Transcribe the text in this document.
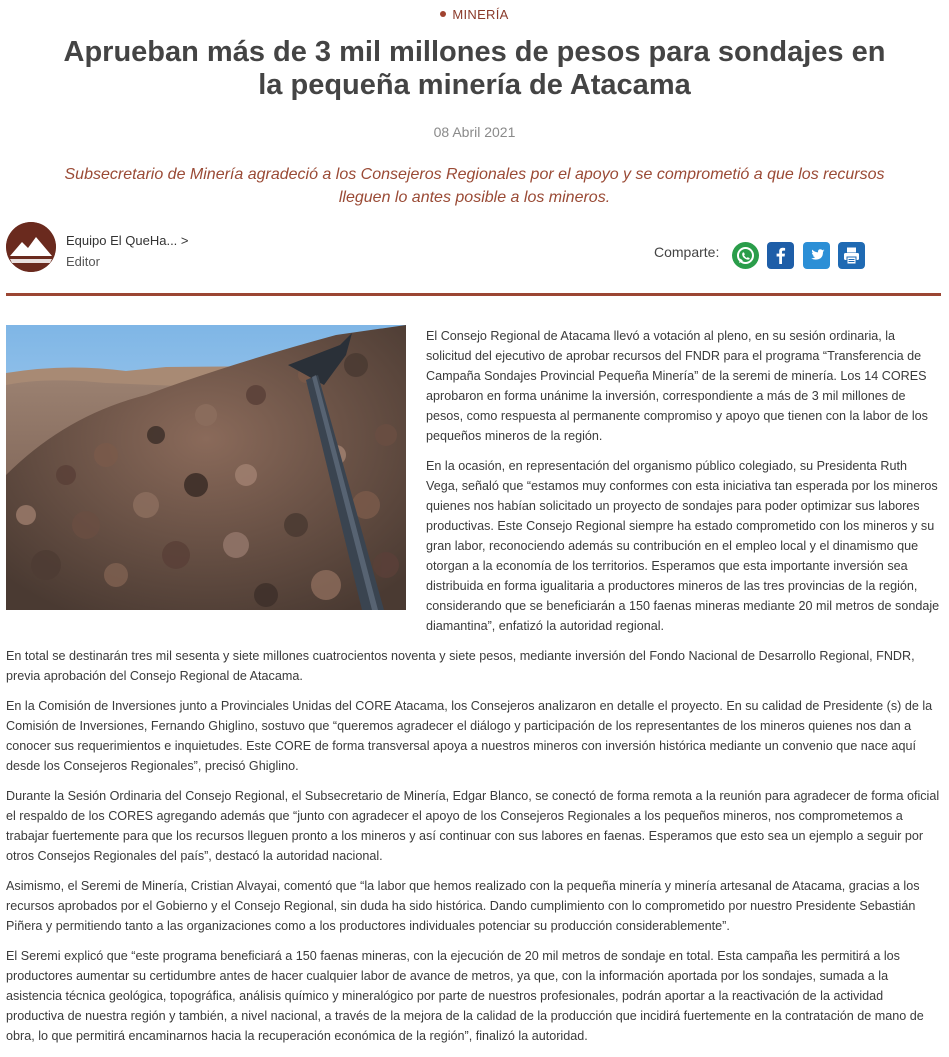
MINERÍA
Aprueban más de 3 mil millones de pesos para sondajes en la pequeña minería de Atacama
08 Abril 2021
Subsecretario de Minería agradeció a los Consejeros Regionales por el apoyo y se comprometió a que los recursos lleguen lo antes posible a los mineros.
Equipo El QueHa... >
Editor
Comparte:

El Consejo Regional de Atacama llevó a votación al pleno, en su sesión ordinaria, la solicitud del ejecutivo de aprobar recursos del FNDR para el programa “Transferencia de Campaña Sondajes Provincial Pequeña Minería” de la seremi de minería. Los 14 CORES aprobaron en forma unánime la inversión, correspondiente a más de 3 mil millones de pesos, como respuesta al permanente compromiso y apoyo que tienen con la labor de los pequeños mineros de la región.

En la ocasión, en representación del organismo público colegiado, su Presidenta Ruth Vega, señaló que “estamos muy conformes con esta iniciativa tan esperada por los mineros quienes nos habían solicitado un proyecto de sondajes para poder optimizar sus labores productivas. Este Consejo Regional siempre ha estado comprometido con los mineros y su gran labor, reconociendo además su contribución en el empleo local y el dinamismo que otorgan a la economía de los territorios. Esperamos que esta importante inversión sea distribuida en forma igualitaria a productores mineros de las tres provincias de la región, considerando que se beneficiarán a 150 faenas mineras mediante 20 mil metros de sondaje diamantina”, enfatizó la autoridad regional.

En total se destinarán tres mil sesenta y siete millones cuatrocientos noventa y siete pesos, mediante inversión del Fondo Nacional de Desarrollo Regional, FNDR, previa aprobación del Consejo Regional de Atacama.

En la Comisión de Inversiones junto a Provinciales Unidas del CORE Atacama, los Consejeros analizaron en detalle el proyecto. En su calidad de Presidente (s) de la Comisión de Inversiones, Fernando Ghiglino, sostuvo que “queremos agradecer el diálogo y participación de los representantes de los mineros quienes nos dan a conocer sus requerimientos e inquietudes. Este CORE de forma transversal apoya a nuestros mineros con inversión histórica mediante un convenio que nace aquí desde los Consejeros Regionales”, precisó Ghiglino.

Durante la Sesión Ordinaria del Consejo Regional, el Subsecretario de Minería, Edgar Blanco, se conectó de forma remota a la reunión para agradecer de forma oficial el respaldo de los CORES agregando además que “junto con agradecer el apoyo de los Consejeros Regionales a los pequeños mineros, nos comprometemos a trabajar fuertemente para que los recursos lleguen pronto a los mineros y así continuar con sus labores en faenas. Esperamos que esto sea un ejemplo a seguir por otros Consejos Regionales del país”, destacó la autoridad nacional.

Asimismo, el Seremi de Minería, Cristian Alvayai, comentó que “la labor que hemos realizado con la pequeña minería y minería artesanal de Atacama, gracias a los recursos aprobados por el Gobierno y el Consejo Regional, sin duda ha sido histórica. Dando cumplimiento con lo comprometido por nuestro Presidente Sebastián Piñera y permitiendo tanto a las organizaciones como a los productores individuales potenciar su producción considerablemente”.

El Seremi explicó que “este programa beneficiará a 150 faenas mineras, con la ejecución de 20 mil metros de sondaje en total. Esta campaña les permitirá a los productores aumentar su certidumbre antes de hacer cualquier labor de avance de metros, ya que, con la información aportada por los sondajes, sumada a la asistencia técnica geológica, topográfica, análisis químico y mineralógico por parte de nuestros profesionales, podrán aportar a la reactivación de la actividad productiva de nuestra región y también, a nivel nacional, a través de la mejora de la calidad de la producción que incidirá fuertemente en la contratación de mano de obra, lo que permitirá encaminarnos hacia la recuperación económica de la región”, finalizó la autoridad.
